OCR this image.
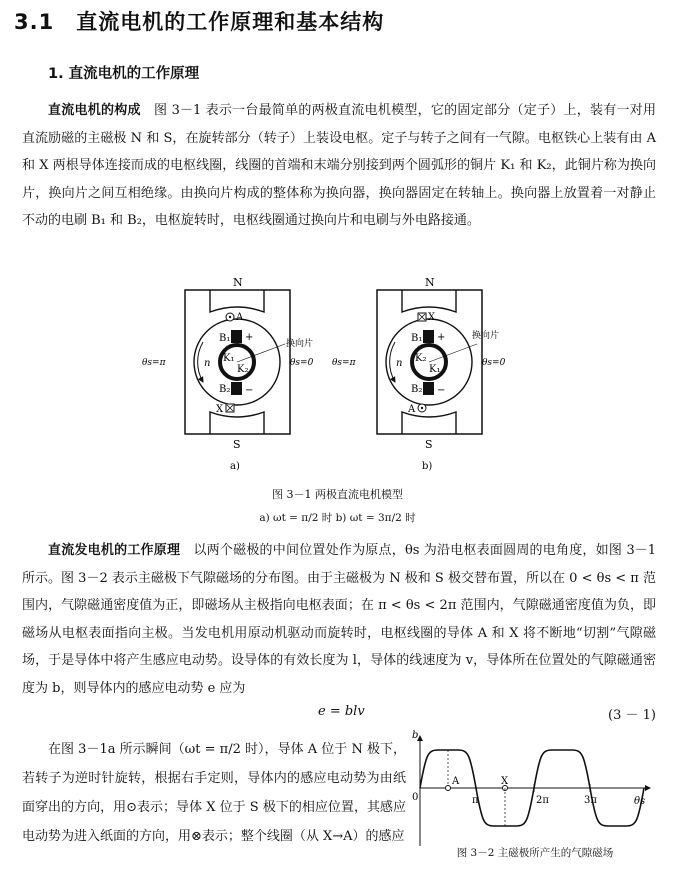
3.1 直流电机的工作原理和基本结构
1. 直流电机的工作原理

直流电机的构成　 图 3－1 表示一台最简单的两极直流电机模型，它的固定部分（定子）上，装有一对用直流励磁的主磁极 N 和 S，在旋转部分（转子）上装设电枢。定子与转子之间有一气隙。电枢铁心上装有由 A 和 X 两根导体连接而成的电枢线圈，线圈的首端和末端分别接到两个圆弧形的铜片 K₁ 和 K₂，此铜片称为换向片，换向片之间互相绝缘。由换向片构成的整体称为换向器，换向器固定在转轴上。换向器上放置着一对静止不动的电刷 B₁ 和 B₂，电枢旋转时，电枢线圈通过换向片和电刷与外电路接通。

N
S
A
X
B₁
B₂
+
−
K₁
K₂
n
θs=π	θs=0
换向片
a)
N
S
X
A
B₁
B₂
+
−
K₂
K₁
n
θs=π	θs=0
换向片
b)
图 3－1 两极直流电机模型
a) ωt = π/2 时 b) ωt = 3π/2 时

直流发电机的工作原理　 以两个磁极的中间位置处作为原点，θs 为沿电枢表面圆周的电角度，如图 3－1 所示。图 3－2 表示主磁极下气隙磁场的分布图。由于主磁极为 N 极和 S 极交替布置，所以在 0 < θs < π 范围内，气隙磁通密度值为正，即磁场从主极指向电枢表面；在 π < θs < 2π 范围内，气隙磁通密度值为负，即磁场从电枢表面指向主极。当发电机用原动机驱动而旋转时，电枢线圈的导体 A 和 X 将不断地“切割”气隙磁场，于是导体中将产生感应电动势。设导体的有效长度为 l，导体的线速度为 v，导体所在位置处的气隙磁通密度为 b，则导体内的感应电动势 e 应为

e = blv	(3 － 1)

在图 3－1a 所示瞬间（ωt = π/2 时），导体 A 位于 N 极下，若转子为逆时针旋转，根据右手定则，导体内的感应电动势为由纸面穿出的方向，用⊙表示；导体 X 位于 S 极下的相应位置，其感应电动势为进入纸面的方向，用⊗表示；整个线圈（从 X→A）的感应

b
θs
0
A	X
π	2π	3π
图 3－2 主磁极所产生的气隙磁场
